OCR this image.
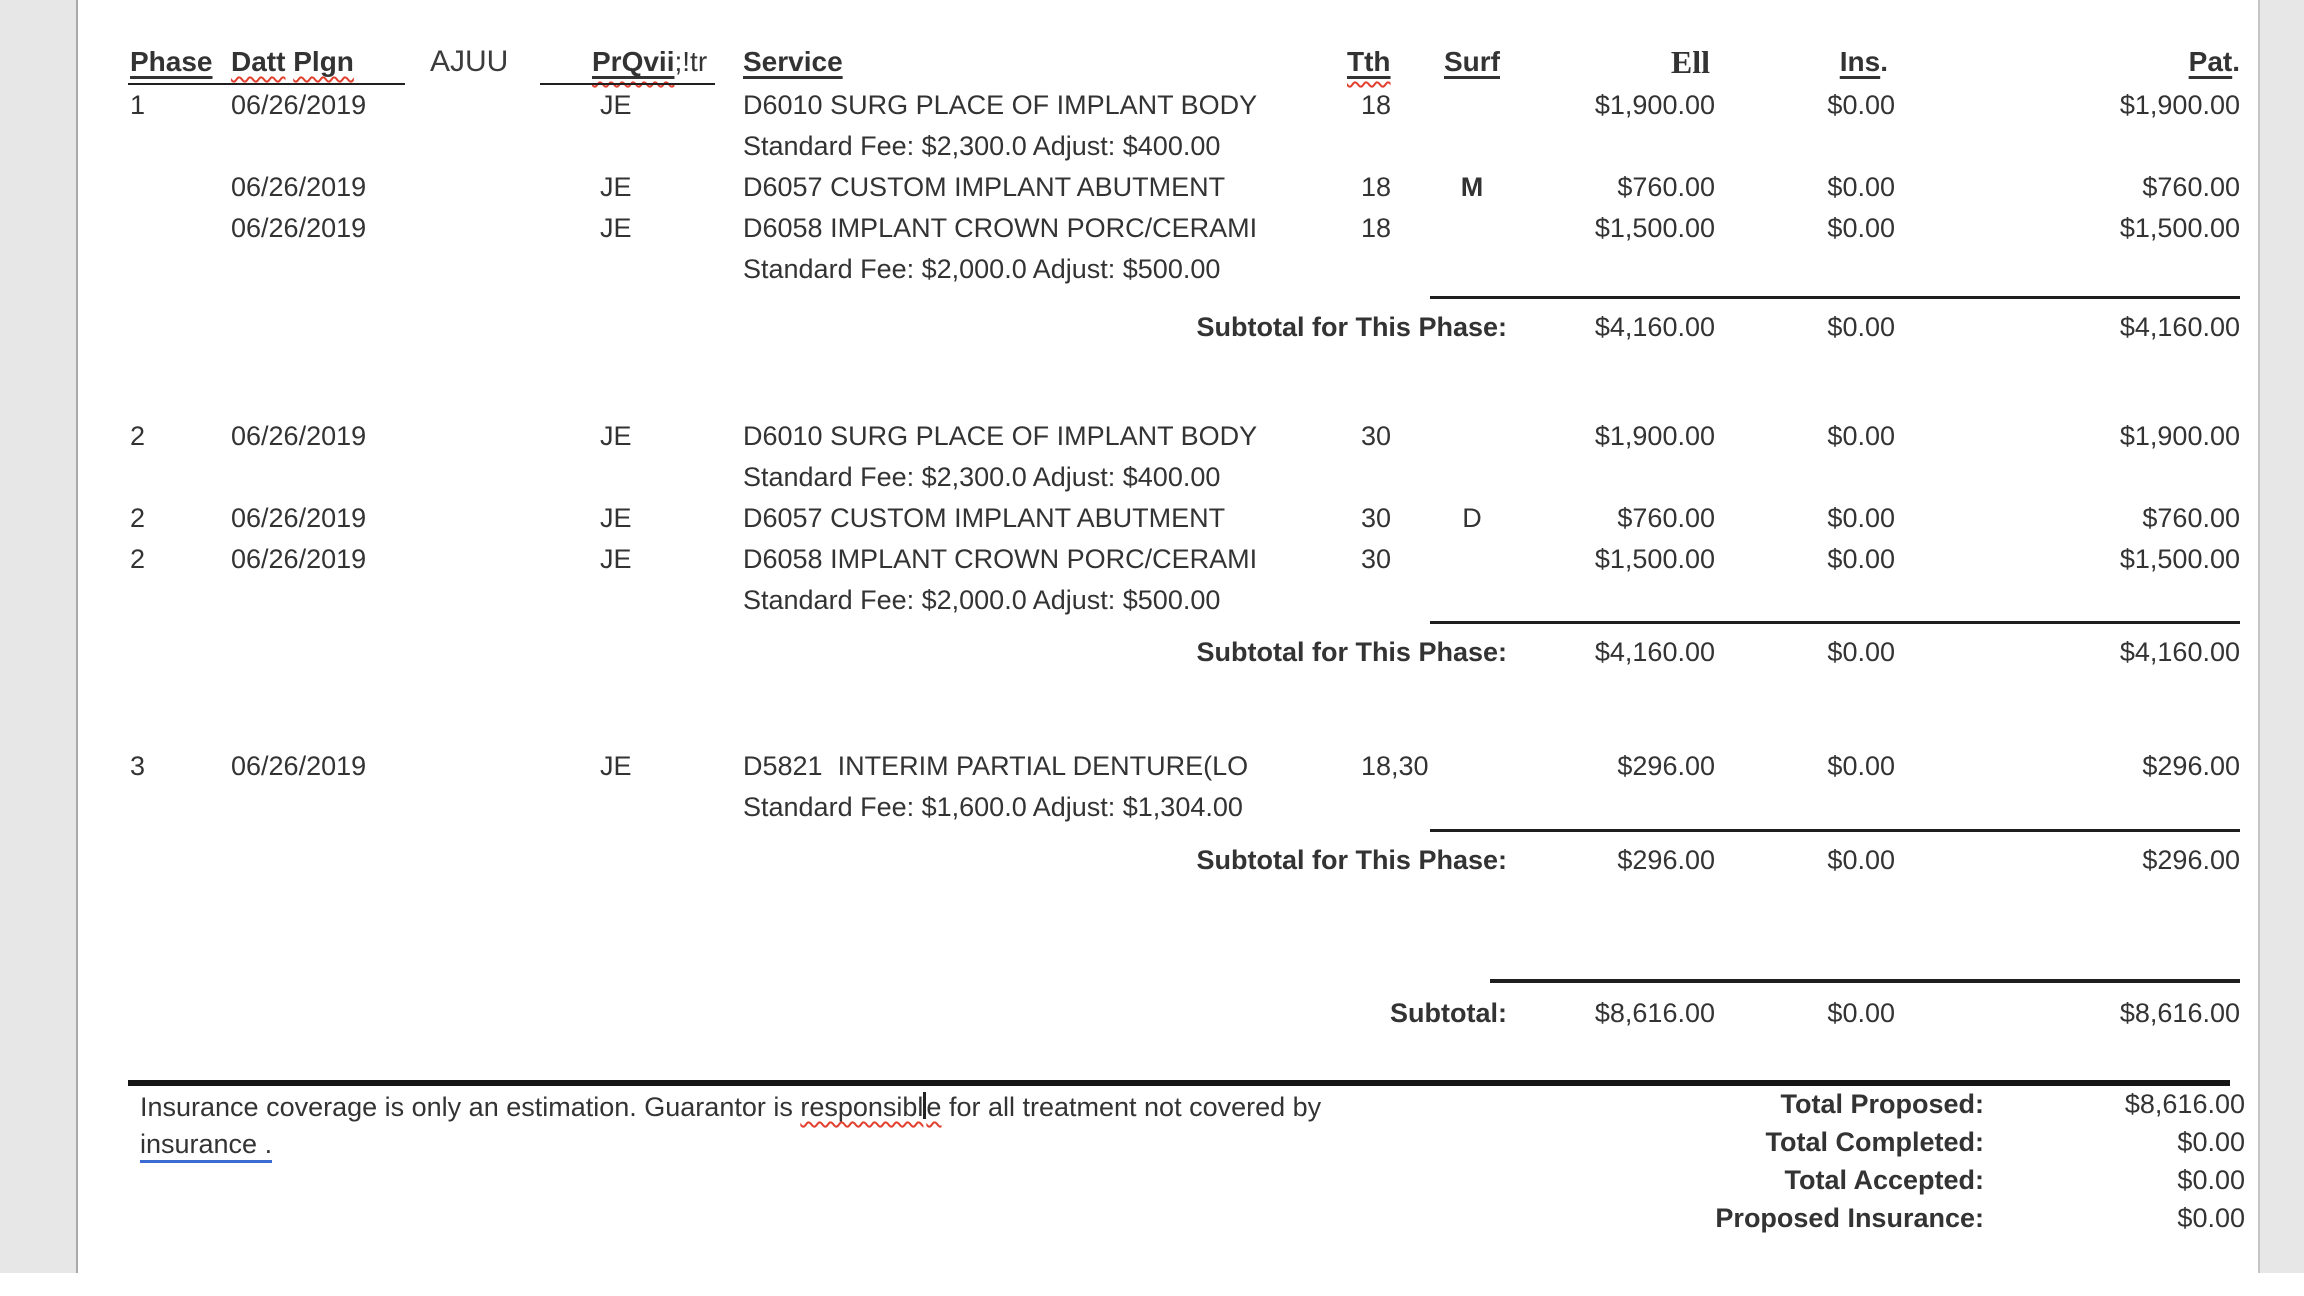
Phase Datt Plgn	AJUU	PrQvii;!tr	Service	Tth	Surf	Ell	Ins.	Pat.
1	06/26/2019	JE	D6010 SURG PLACE OF IMPLANT BODY	18	$1,900.00	$0.00	$1,900.00
Standard Fee: $2,300.0 Adjust: $400.00
06/26/2019	JE	D6057 CUSTOM IMPLANT ABUTMENT	18	M	$760.00	$0.00	$760.00
06/26/2019	JE	D6058 IMPLANT CROWN PORC/CERAMI	18	$1,500.00	$0.00	$1,500.00
Standard Fee: $2,000.0 Adjust: $500.00
Subtotal for This Phase:	$4,160.00	$0.00	$4,160.00
2	06/26/2019	JE	D6010 SURG PLACE OF IMPLANT BODY	30	$1,900.00	$0.00	$1,900.00
Standard Fee: $2,300.0 Adjust: $400.00
2	06/26/2019	JE	D6057 CUSTOM IMPLANT ABUTMENT	30	D	$760.00	$0.00	$760.00
2	06/26/2019	JE	D6058 IMPLANT CROWN PORC/CERAMI	30	$1,500.00	$0.00	$1,500.00
Standard Fee: $2,000.0 Adjust: $500.00
Subtotal for This Phase:	$4,160.00	$0.00	$4,160.00
3	06/26/2019	JE	D5821  INTERIM PARTIAL DENTURE(LO	18,30	$296.00	$0.00	$296.00
Standard Fee: $1,600.0 Adjust: $1,304.00
Subtotal for This Phase:	$296.00	$0.00	$296.00
Subtotal:	$8,616.00	$0.00	$8,616.00
Insurance coverage is only an estimation. Guarantor is responsibl e for all treatment not covered by
insurance .
Total Proposed:	$8,616.00
Total Completed:	$0.00
Total Accepted:	$0.00
Proposed Insurance:	$0.00
